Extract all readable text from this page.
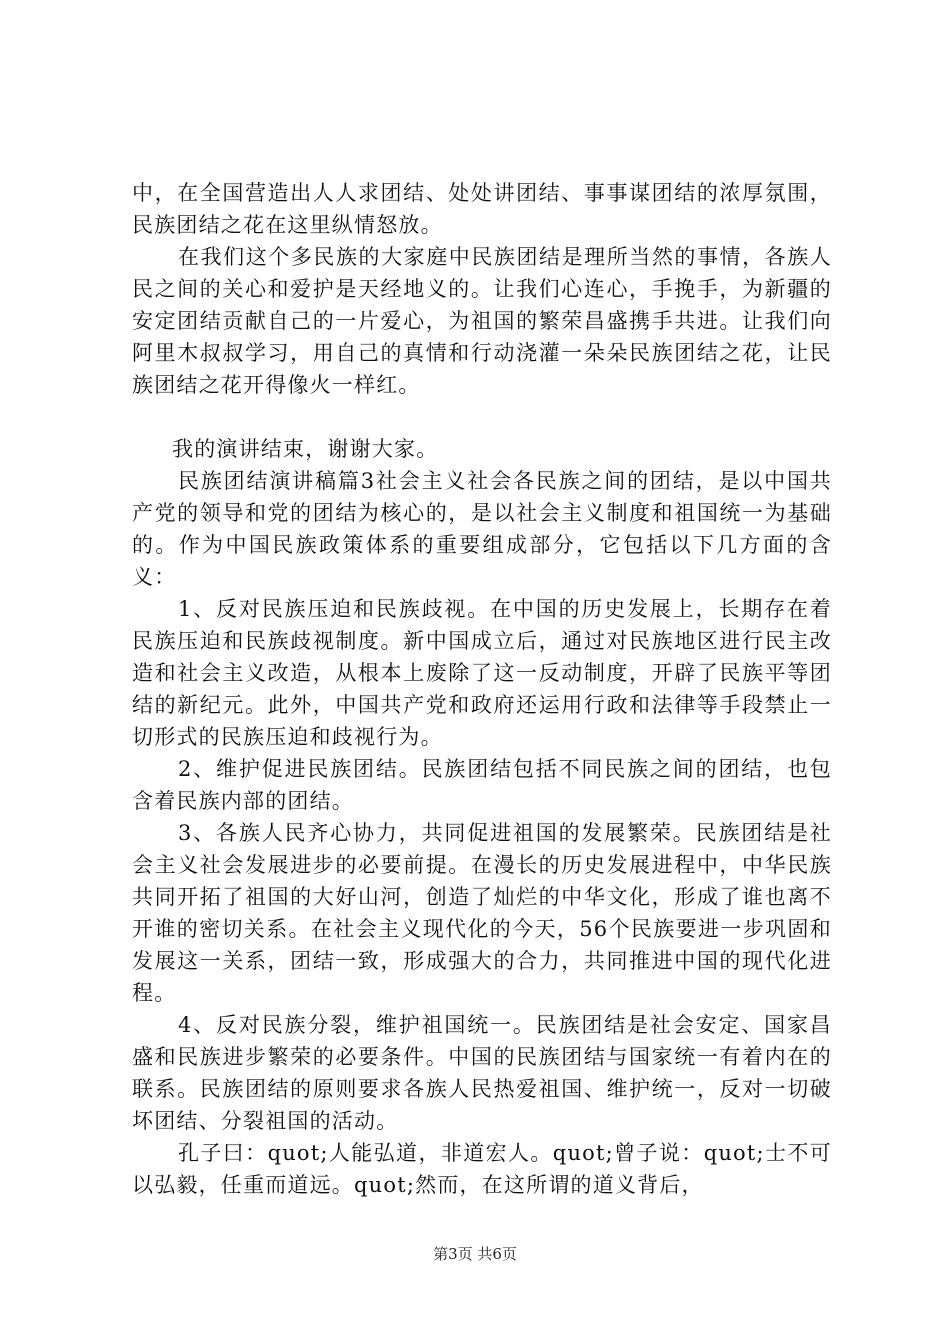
中，在全国营造出人人求团结、处处讲团结、事事谋团结的浓厚氛围，民族团结之花在这里纵情怒放。

在我们这个多民族的大家庭中民族团结是理所当然的事情，各族人民之间的关心和爱护是天经地义的。让我们心连心，手挽手，为新疆的安定团结贡献自己的一片爱心，为祖国的繁荣昌盛携手共进。让我们向阿里木叔叔学习，用自己的真情和行动浇灌一朵朵民族团结之花，让民族团结之花开得像火一样红。

我的演讲结束，谢谢大家。

民族团结演讲稿篇3社会主义社会各民族之间的团结，是以中国共产党的领导和党的团结为核心的，是以社会主义制度和祖国统一为基础的。作为中国民族政策体系的重要组成部分，它包括以下几方面的含义：

1、反对民族压迫和民族歧视。在中国的历史发展上，长期存在着民族压迫和民族歧视制度。新中国成立后，通过对民族地区进行民主改造和社会主义改造，从根本上废除了这一反动制度，开辟了民族平等团结的新纪元。此外，中国共产党和政府还运用行政和法律等手段禁止一切形式的民族压迫和歧视行为。

2、维护促进民族团结。民族团结包括不同民族之间的团结，也包含着民族内部的团结。

3、各族人民齐心协力，共同促进祖国的发展繁荣。民族团结是社会主义社会发展进步的必要前提。在漫长的历史发展进程中，中华民族共同开拓了祖国的大好山河，创造了灿烂的中华文化，形成了谁也离不开谁的密切关系。在社会主义现代化的今天，56个民族要进一步巩固和发展这一关系，团结一致，形成强大的合力，共同推进中国的现代化进程。

4、反对民族分裂，维护祖国统一。民族团结是社会安定、国家昌盛和民族进步繁荣的必要条件。中国的民族团结与国家统一有着内在的联系。民族团结的原则要求各族人民热爱祖国、维护统一，反对一切破坏团结、分裂祖国的活动。

孔子曰：quot;人能弘道，非道宏人。quot;曾子说：quot;士不可以弘毅，任重而道远。quot;然而，在这所谓的道义背后，

第3页 共6页
